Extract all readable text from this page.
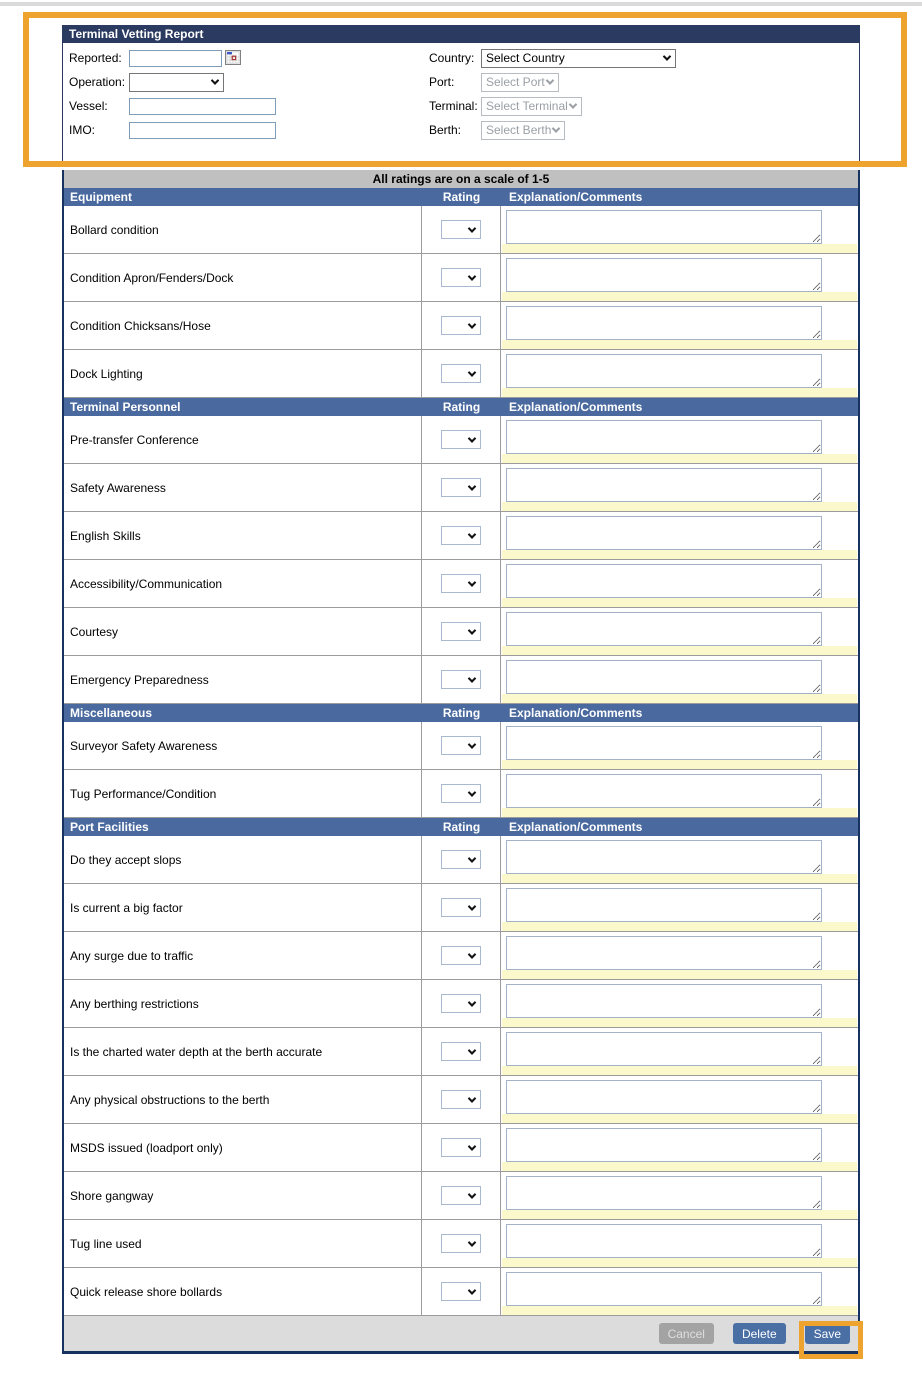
Terminal Vetting Report
Reported:
Operation:
Vessel:
IMO:
Country: Select Country
Port:	Select Port
Terminal: Select Terminal
Berth:	Select Berth
All ratings are on a scale of 1-5
Equipment	Rating	Explanation/Comments
Bollard condition
Condition Apron/Fenders/Dock
Condition Chicksans/Hose
Dock Lighting
Terminal Personnel	Rating	Explanation/Comments
Pre-transfer Conference
Safety Awareness
English Skills
Accessibility/Communication
Courtesy
Emergency Preparedness
Miscellaneous	Rating	Explanation/Comments
Surveyor Safety Awareness
Tug Performance/Condition
Port Facilities	Rating	Explanation/Comments
Do they accept slops
Is current a big factor
Any surge due to traffic
Any berthing restrictions
Is the charted water depth at the berth accurate
Any physical obstructions to the berth
MSDS issued (loadport only)
Shore gangway
Tug line used
Quick release shore bollards
Cancel	Delete	Save
